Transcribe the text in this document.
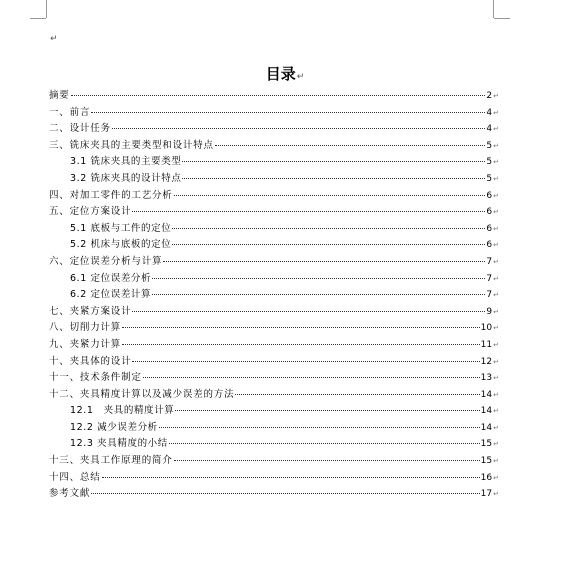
↵
目录↵
摘要	2 ↵
一、前言	4 ↵
二、设计任务	4 ↵
三、铣床夹具的主要类型和设计特点	5 ↵
3.1 铣床夹具的主要类型	5 ↵
3.2 铣床夹具的设计特点	5 ↵
四、对加工零件的工艺分析	6 ↵
五、定位方案设计	6 ↵
5.1 底板与工件的定位	6 ↵
5.2 机床与底板的定位	6 ↵
六、定位误差分析与计算	7 ↵
6.1 定位误差分析	7 ↵
6.2 定位误差计算	7 ↵
七、夹紧方案设计	9 ↵
八、切削力计算	10 ↵
九、夹紧力计算	11 ↵
十、夹具体的设计	12 ↵
十一、技术条件制定	13 ↵
十二、夹具精度计算以及减少误差的方法	14 ↵
12.1　夹具的精度计算	14 ↵
12.2 减少误差分析	14 ↵
12.3 夹具精度的小结	15 ↵
十三、夹具工作原理的简介	15 ↵
十四、总结	16 ↵
参考文献	17 ↵
